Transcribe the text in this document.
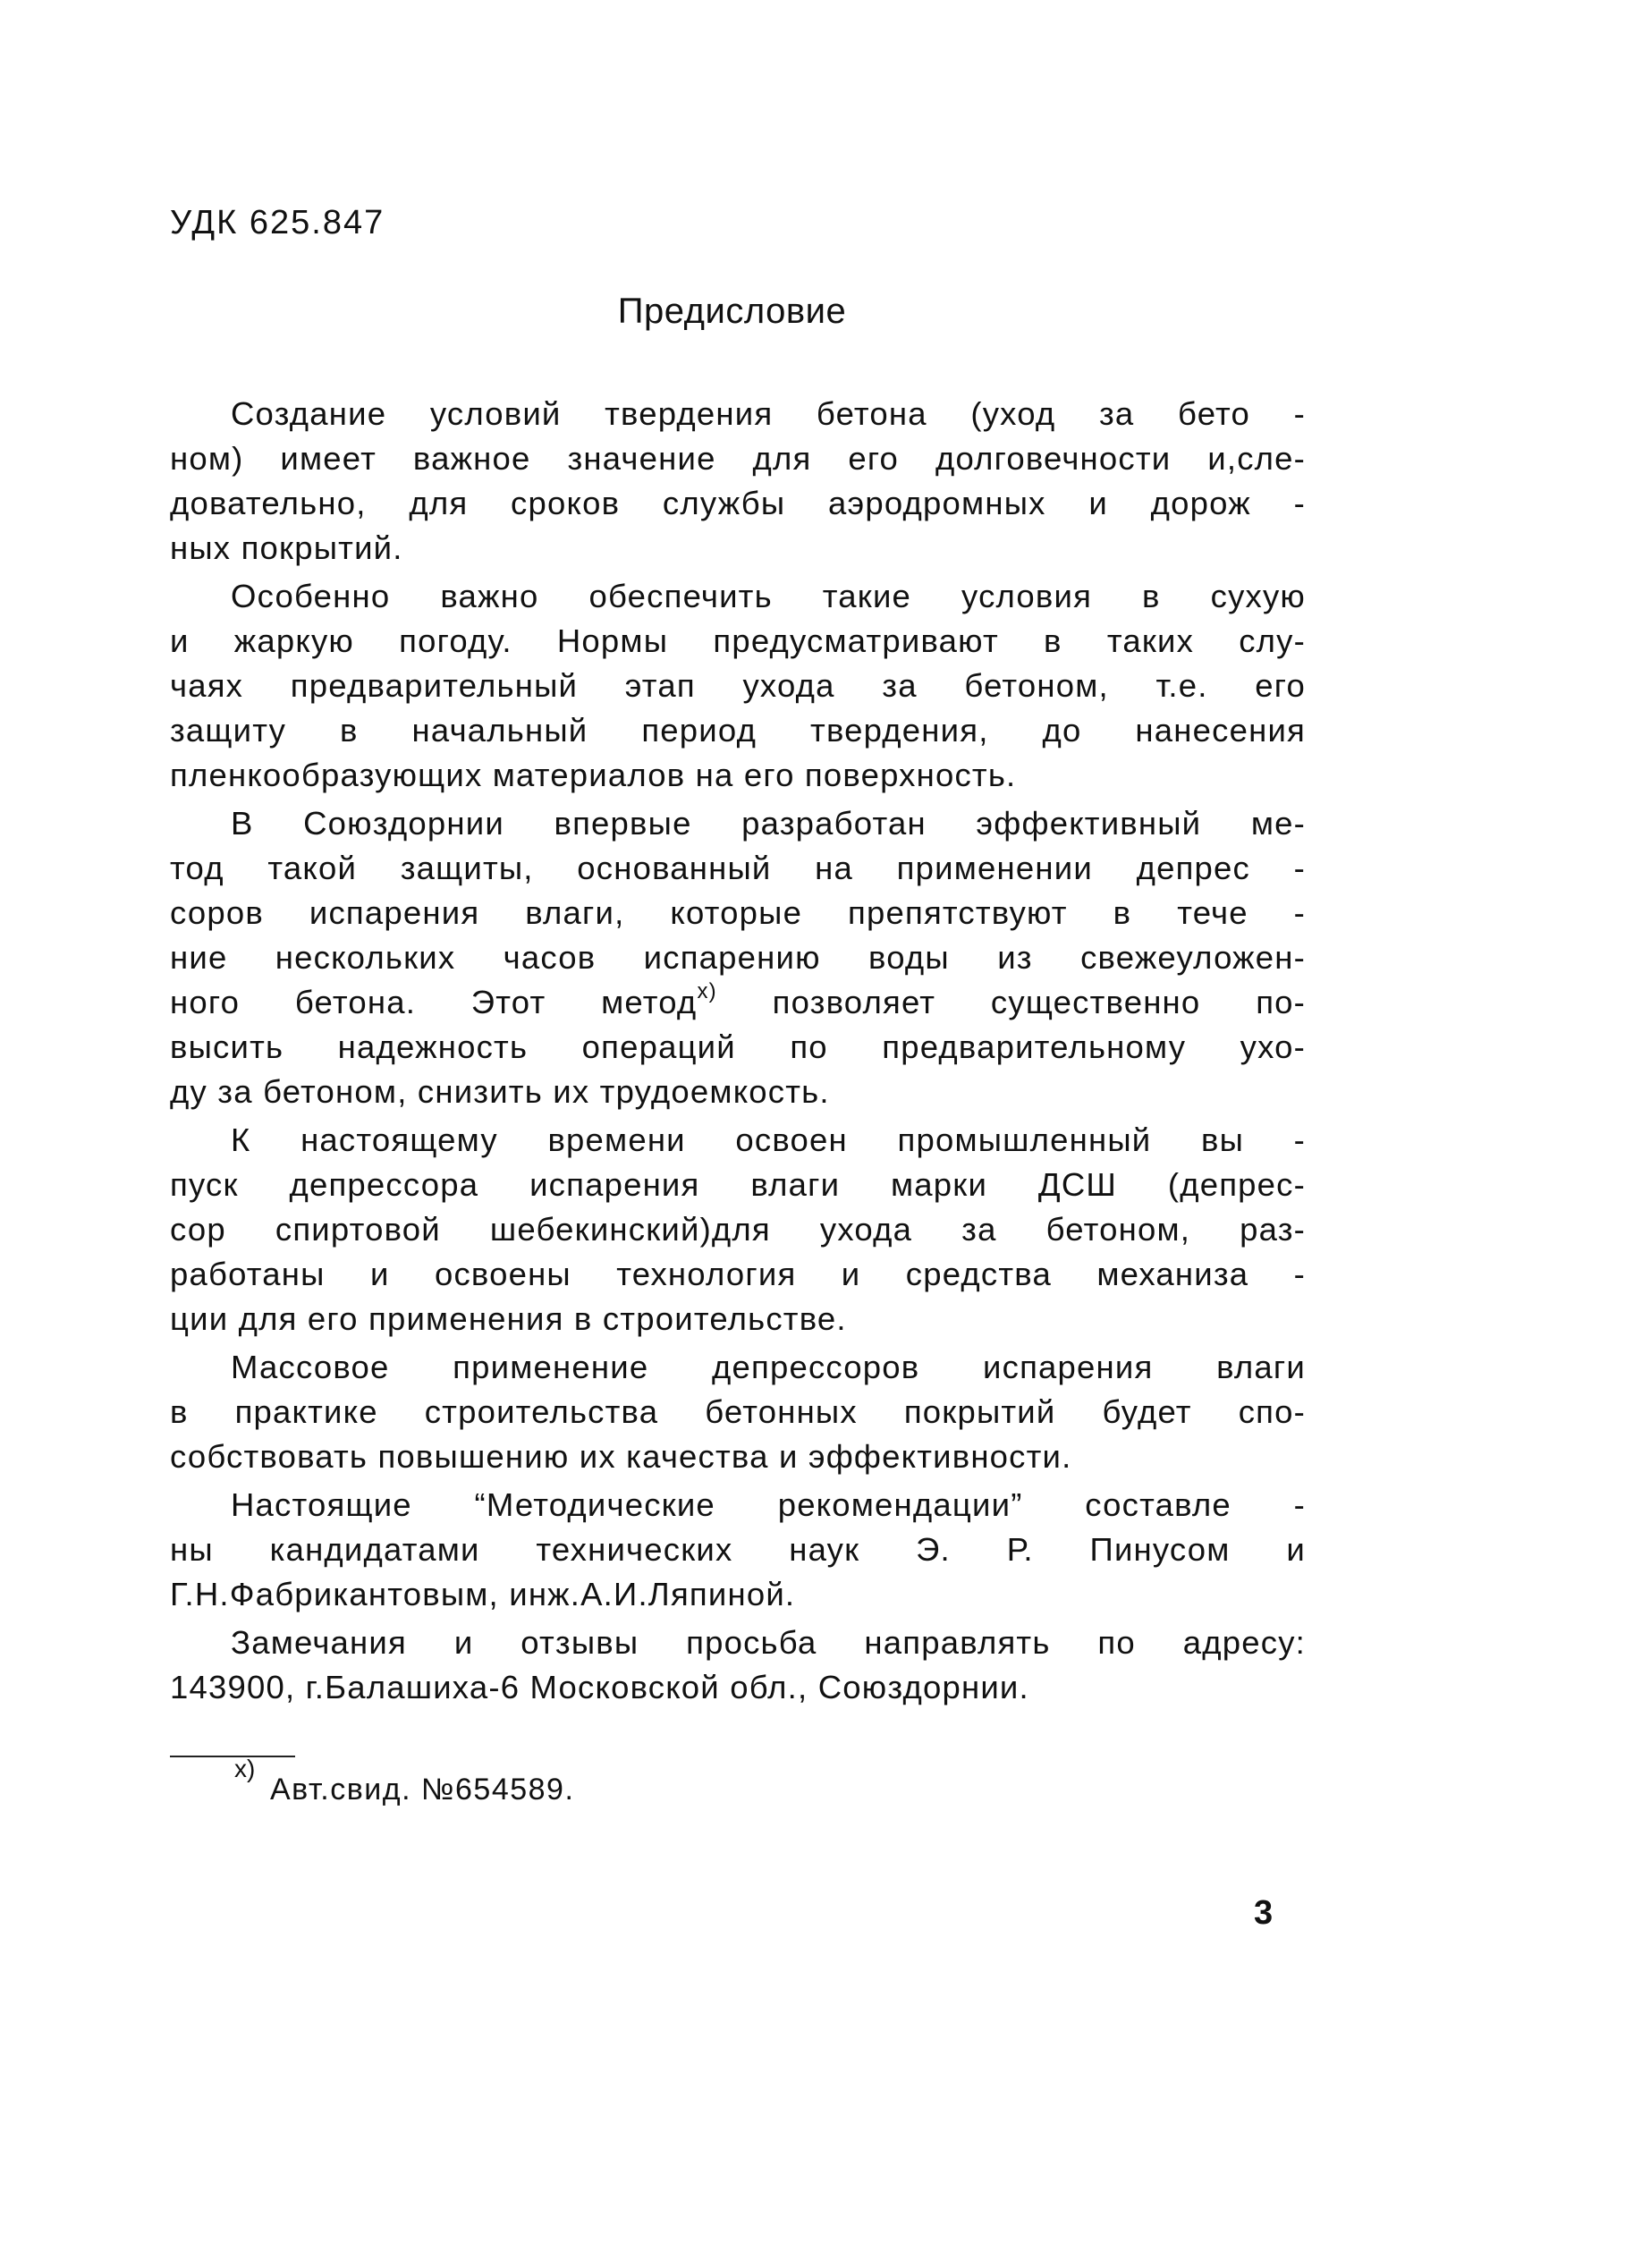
УДК 625.847
Предисловие
Создание условий твердения бетона (уход за бето -
ном) имеет важное значение для его долговечности и,сле-
довательно, для сроков службы аэродромных и дорож -
ных покрытий.
Особенно важно обеспечить такие условия в сухую
и жаркую погоду. Нормы предусматривают в таких слу-
чаях предварительный этап ухода за бетоном, т.е. его
защиту в начальный период твердения, до нанесения
пленкообразующих материалов на его поверхность.
В Союздорнии впервые разработан эффективный ме-
тод такой защиты, основанный на применении депрес -
соров испарения влаги, которые препятствуют в тече -
ние нескольких часов испарению воды из свежеуложен-
ного бетона. Этот метод$^{x)}$ позволяет существенно по-
высить надежность операций по предварительному ухо-
ду за бетоном, снизить их трудоемкость.
К настоящему времени освоен промышленный вы -
пуск депрессора испарения влаги марки ДСШ (депрес-
сор спиртовой шебекинский)для ухода за бетоном, раз-
работаны и освоены технология и средства механиза -
ции для его применения в строительстве.
Массовое применение депрессоров испарения влаги
в практике строительства бетонных покрытий будет спо-
собствовать повышению их качества и эффективности.
Настоящие “Методические рекомендации” составле -
ны кандидатами технических наук Э. Р. Пинусом и
Г.Н.Фабрикантовым, инж.А.И.Ляпиной.
Замечания и отзывы просьба направлять по адресу:
143900, г.Балашиха-6 Московской обл., Союздорнии.
x)
Авт.свид. №654589.
3
